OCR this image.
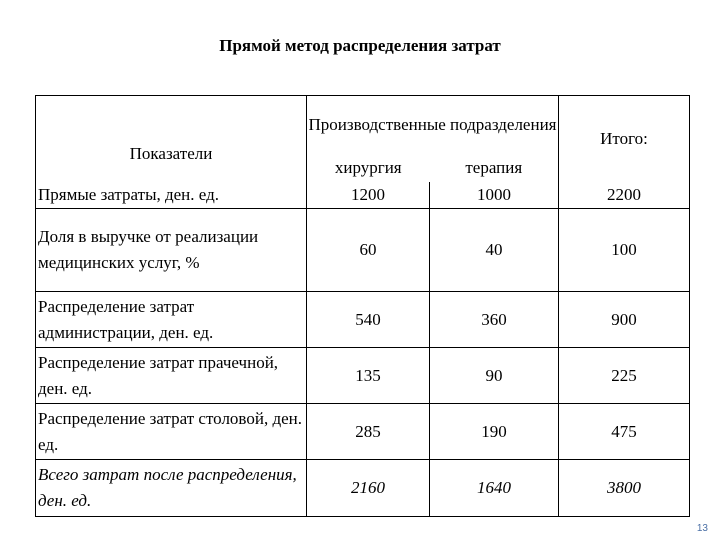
Прямой метод распределения затрат
Показатели	Производственные подразделения		Итого:
	хирургия	терапия	
Прямые затраты, ден. ед.	1200	1000	2200
Доля в выручке от реализации медицинских услуг, %	60	40	100
Распределение затрат администрации, ден. ед.	540	360	900
Распределение затрат прачечной, ден. ед.	135	90	225
Распределение затрат столовой, ден. ед.	285	190	475
Всего затрат после распределения, ден. ед.	2160	1640	3800
13
